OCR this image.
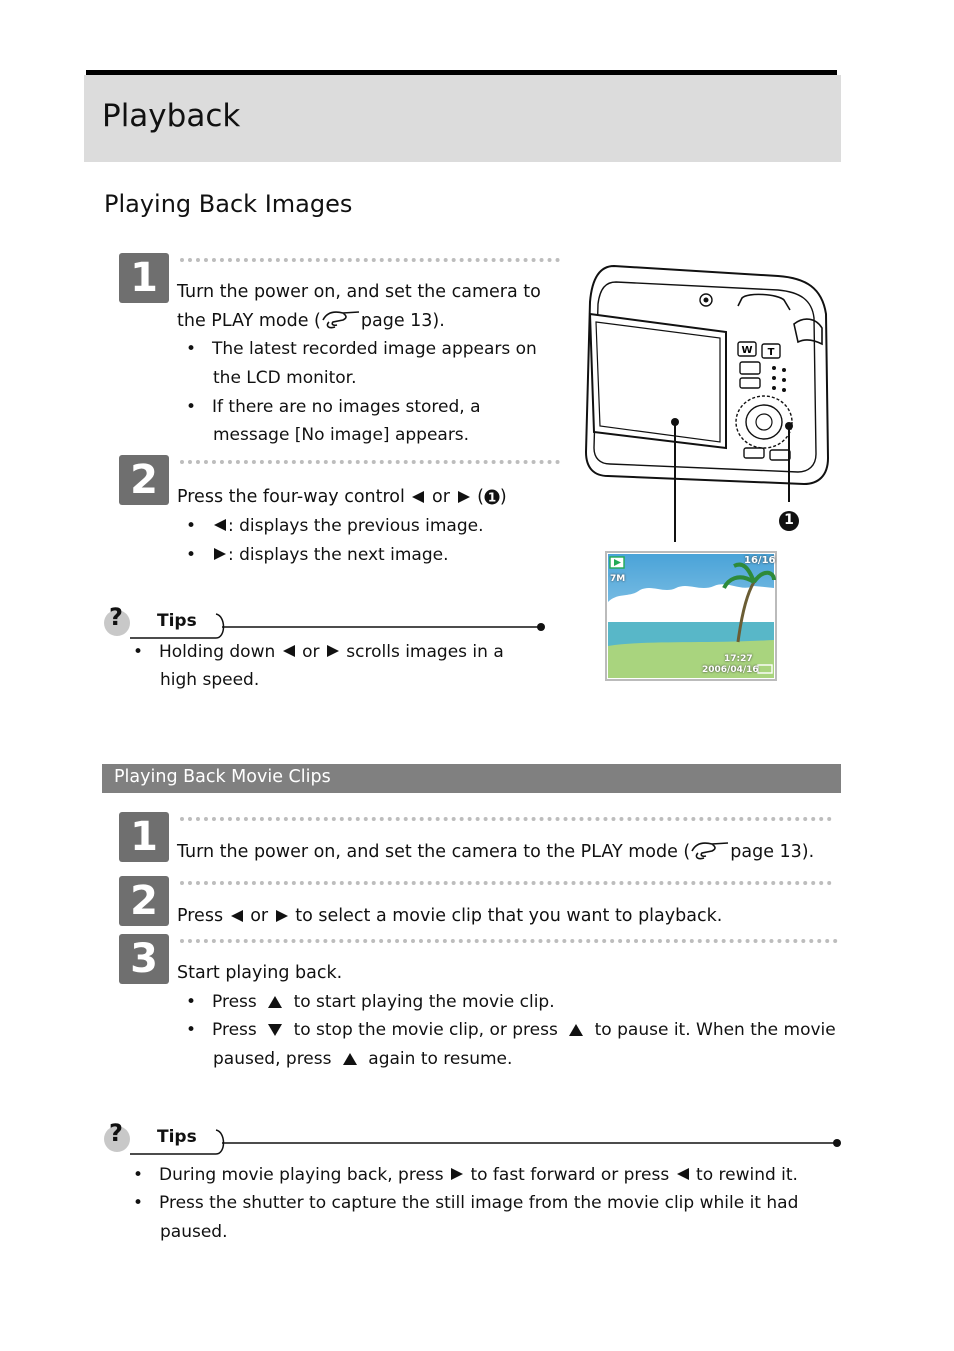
Playback
Playing Back Images
1	Turn the power on, and set the camera to
the PLAY mode ( page 13).
• The latest recorded image appears on
the LCD monitor.
• If there are no images stored, a
message [No image] appears.
2	Press the four-way control or ( 1 )
• : displays the previous image.
• : displays the next image.
? Tips
• Holding down or scrolls images in a
high speed.
W T
1
16/16
7M
17:27
2006/04/16
Playing Back Movie Clips
1	Turn the power on, and set the camera to the PLAY mode ( page 13).
2	Press or to select a movie clip that you want to playback.
3	Start playing back.
• Press to start playing the movie clip.
• Press to stop the movie clip, or press to pause it. When the movie
paused, press again to resume.
? Tips
• During movie playing back, press to fast forward or press to rewind it.
• Press the shutter to capture the still image from the movie clip while it had
paused.
